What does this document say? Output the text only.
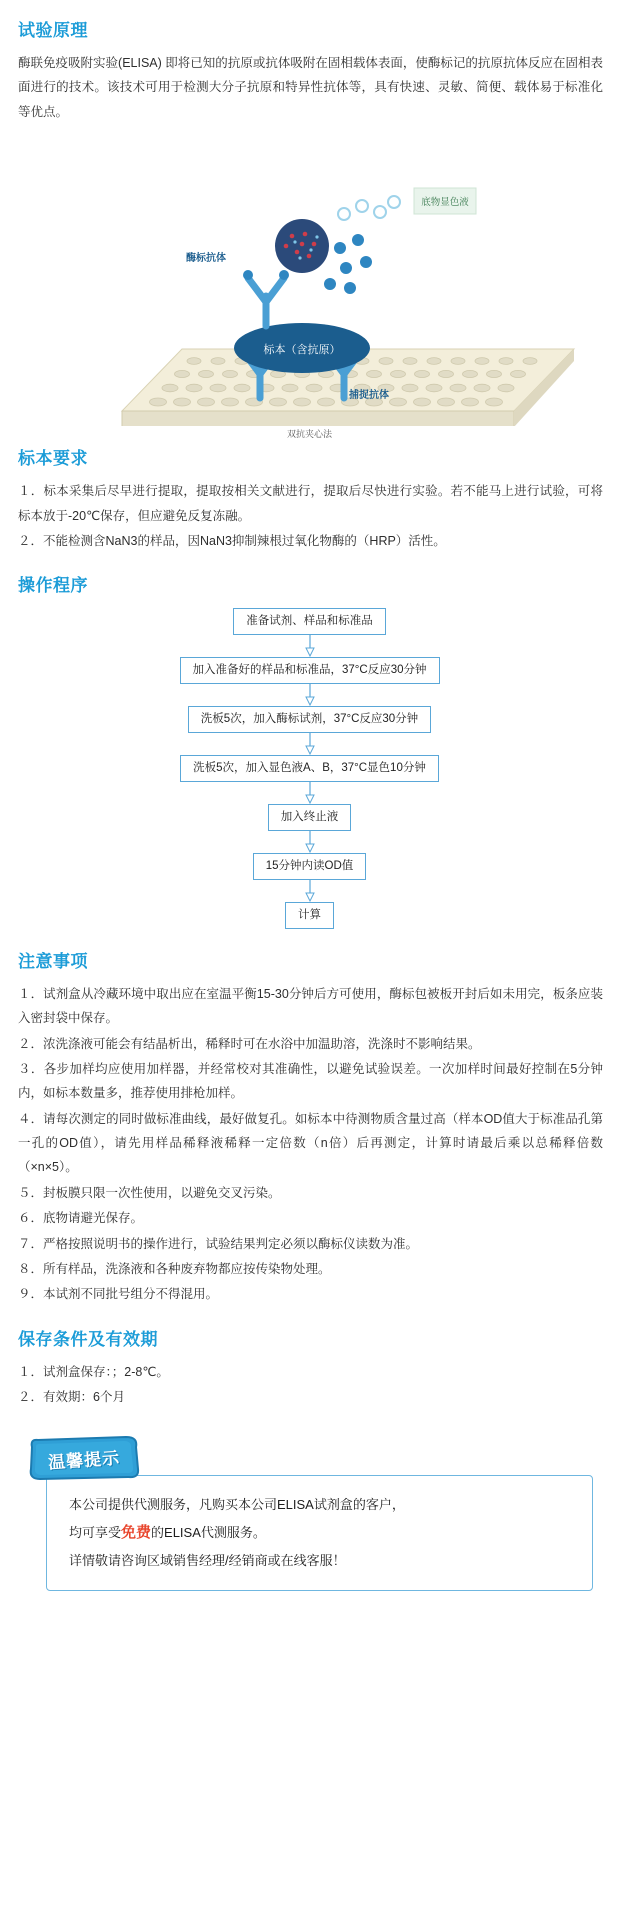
试验原理

酶联免疫吸附实验(ELISA) 即将已知的抗原或抗体吸附在固相载体表面，使酶标记的抗原抗体反应在固相表面进行的技术。该技术可用于检测大分子抗原和特异性抗体等，具有快速、灵敏、简便、载体易于标准化等优点。

标本（含抗原）
底物显色液
酶标抗体
捕捉抗体
双抗夹心法
标本要求
１．标本采集后尽早进行提取，提取按相关文献进行，提取后尽快进行实验。若不能马上进行试验，可将标本放于-20℃保存，但应避免反复冻融。
２．不能检测含NaN3的样品，因NaN3抑制辣根过氧化物酶的（HRP）活性。
操作程序
准备试剂、样品和标准品
加入准备好的样品和标准品，37°C反应30分钟
洗板5次，加入酶标试剂，37°C反应30分钟
洗板5次，加入显色液A、B，37°C显色10分钟
加入终止液
15分钟内读OD值
计算
注意事项
１．试剂盒从冷藏环境中取出应在室温平衡15-30分钟后方可使用，酶标包被板开封后如未用完，板条应装入密封袋中保存。
２．浓洗涤液可能会有结晶析出，稀释时可在水浴中加温助溶，洗涤时不影响结果。
３．各步加样均应使用加样器，并经常校对其准确性，以避免试验误差。一次加样时间最好控制在5分钟内，如标本数量多，推荐使用排枪加样。
４．请每次测定的同时做标准曲线，最好做复孔。如标本中待测物质含量过高（样本OD值大于标准品孔第一孔的OD值），请先用样品稀释液稀释一定倍数（n倍）后再测定，计算时请最后乘以总稀释倍数（×n×5）。
５．封板膜只限一次性使用，以避免交叉污染。
６．底物请避光保存。
７．严格按照说明书的操作进行，试验结果判定必须以酶标仪读数为准。
８．所有样品，洗涤液和各种废弃物都应按传染物处理。
９．本试剂不同批号组分不得混用。
保存条件及有效期
１．试剂盒保存：；2-8℃。
２．有效期：6个月
温馨提示
本公司提供代测服务，凡购买本公司ELISA试剂盒的客户，
均可享受免费的ELISA代测服务。
详情敬请咨询区域销售经理/经销商或在线客服！
